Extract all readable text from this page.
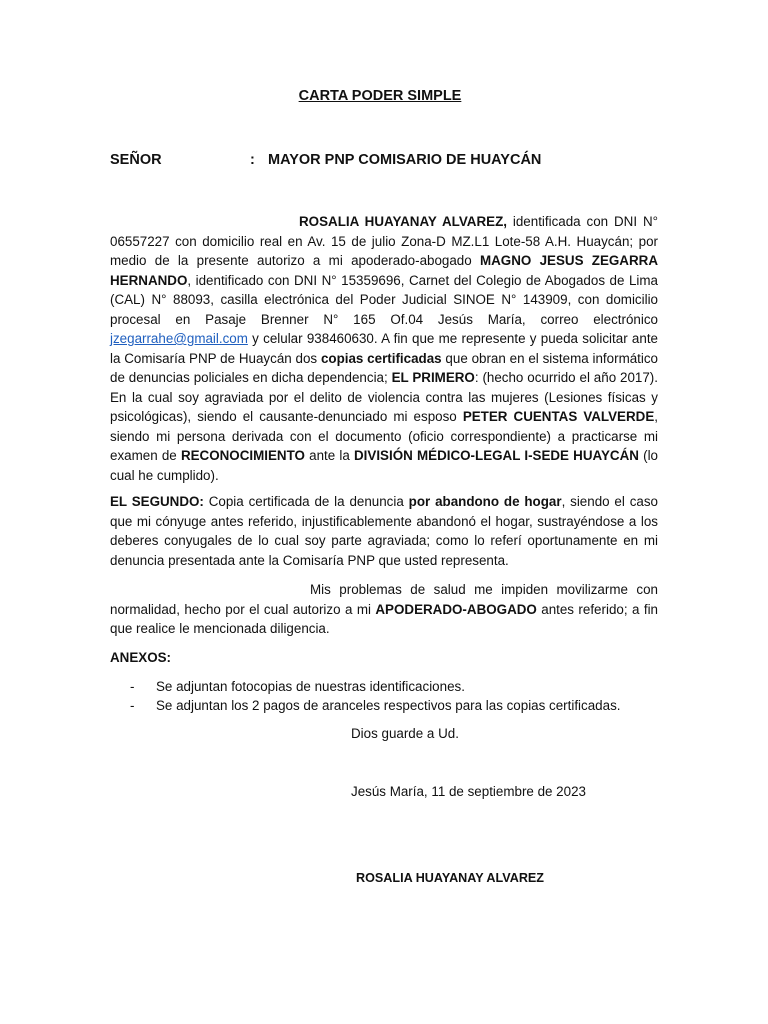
CARTA PODER SIMPLE
SEÑOR	: MAYOR PNP COMISARIO DE HUAYCÁN
ROSALIA HUAYANAY ALVAREZ, identificada con DNI N° 06557227 con domicilio real en Av. 15 de julio Zona-D MZ.L1 Lote-58 A.H. Huaycán; por medio de la presente autorizo a mi apoderado-abogado MAGNO JESUS ZEGARRA HERNANDO, identificado con DNI N° 15359696, Carnet del Colegio de Abogados de Lima (CAL) N° 88093, casilla electrónica del Poder Judicial SINOE N° 143909, con domicilio procesal en Pasaje Brenner N° 165 Of.04 Jesús María, correo electrónico jzegarrahe@gmail.com y celular 938460630. A fin que me represente y pueda solicitar ante la Comisaría PNP de Huaycán dos copias certificadas que obran en el sistema informático de denuncias policiales en dicha dependencia; EL PRIMERO: (hecho ocurrido el año 2017). En la cual soy agraviada por el delito de violencia contra las mujeres (Lesiones físicas y psicológicas), siendo el causante-denunciado mi esposo PETER CUENTAS VALVERDE, siendo mi persona derivada con el documento (oficio correspondiente) a practicarse mi examen de RECONOCIMIENTO ante la DIVISIÓN MÉDICO-LEGAL I-SEDE HUAYCÁN (lo cual he cumplido).
EL SEGUNDO: Copia certificada de la denuncia por abandono de hogar, siendo el caso que mi cónyuge antes referido, injustificablemente abandonó el hogar, sustrayéndose a los deberes conyugales de lo cual soy parte agraviada; como lo referí oportunamente en mi denuncia presentada ante la Comisaría PNP que usted representa.
Mis problemas de salud me impiden movilizarme con normalidad, hecho por el cual autorizo a mi APODERADO-ABOGADO antes referido; a fin que realice le mencionada diligencia.
ANEXOS:
- Se adjuntan fotocopias de nuestras identificaciones.
- Se adjuntan los 2 pagos de aranceles respectivos para las copias certificadas.
Dios guarde a Ud.
Jesús María, 11 de septiembre de 2023
ROSALIA HUAYANAY ALVAREZ
